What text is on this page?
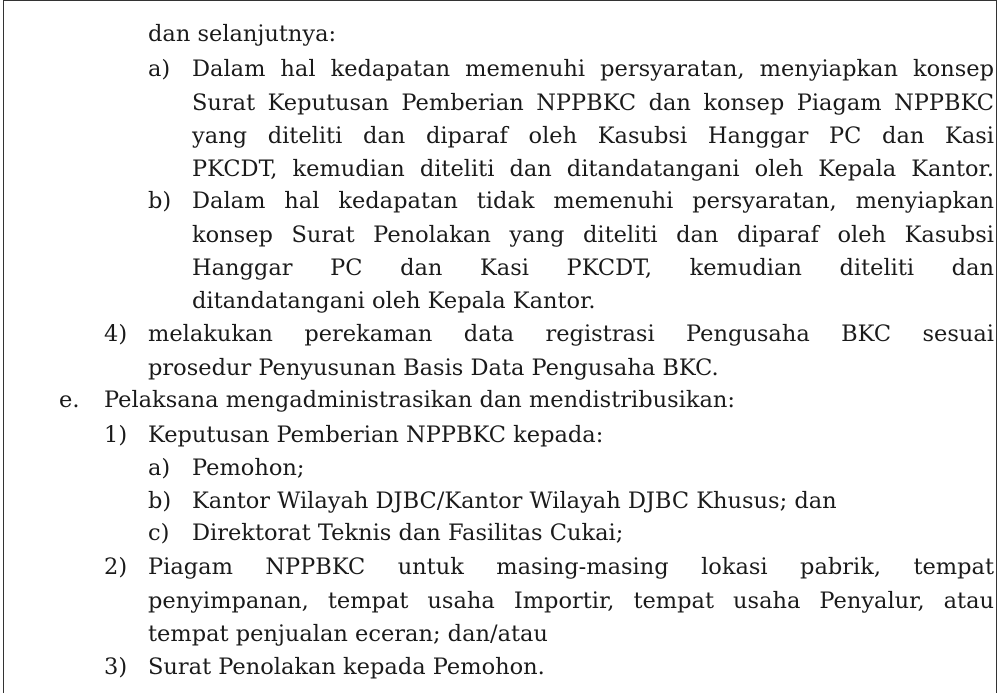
dan selanjutnya:
a) Dalam hal kedapatan memenuhi persyaratan, menyiapkan konsep
Surat Keputusan Pemberian NPPBKC dan konsep Piagam NPPBKC
yang diteliti dan diparaf oleh Kasubsi Hanggar PC dan Kasi
PKCDT, kemudian diteliti dan ditandatangani oleh Kepala Kantor.
b) Dalam hal kedapatan tidak memenuhi persyaratan, menyiapkan
konsep Surat Penolakan yang diteliti dan diparaf oleh Kasubsi
Hanggar PC dan Kasi PKCDT, kemudian diteliti dan
ditandatangani oleh Kepala Kantor.
4) melakukan perekaman data registrasi Pengusaha BKC sesuai
prosedur Penyusunan Basis Data Pengusaha BKC.
e. Pelaksana mengadministrasikan dan mendistribusikan:
1) Keputusan Pemberian NPPBKC kepada:
a) Pemohon;
b) Kantor Wilayah DJBC/Kantor Wilayah DJBC Khusus; dan
c) Direktorat Teknis dan Fasilitas Cukai;
2) Piagam NPPBKC untuk masing-masing lokasi pabrik, tempat
penyimpanan, tempat usaha Importir, tempat usaha Penyalur, atau
tempat penjualan eceran; dan/atau
3) Surat Penolakan kepada Pemohon.
